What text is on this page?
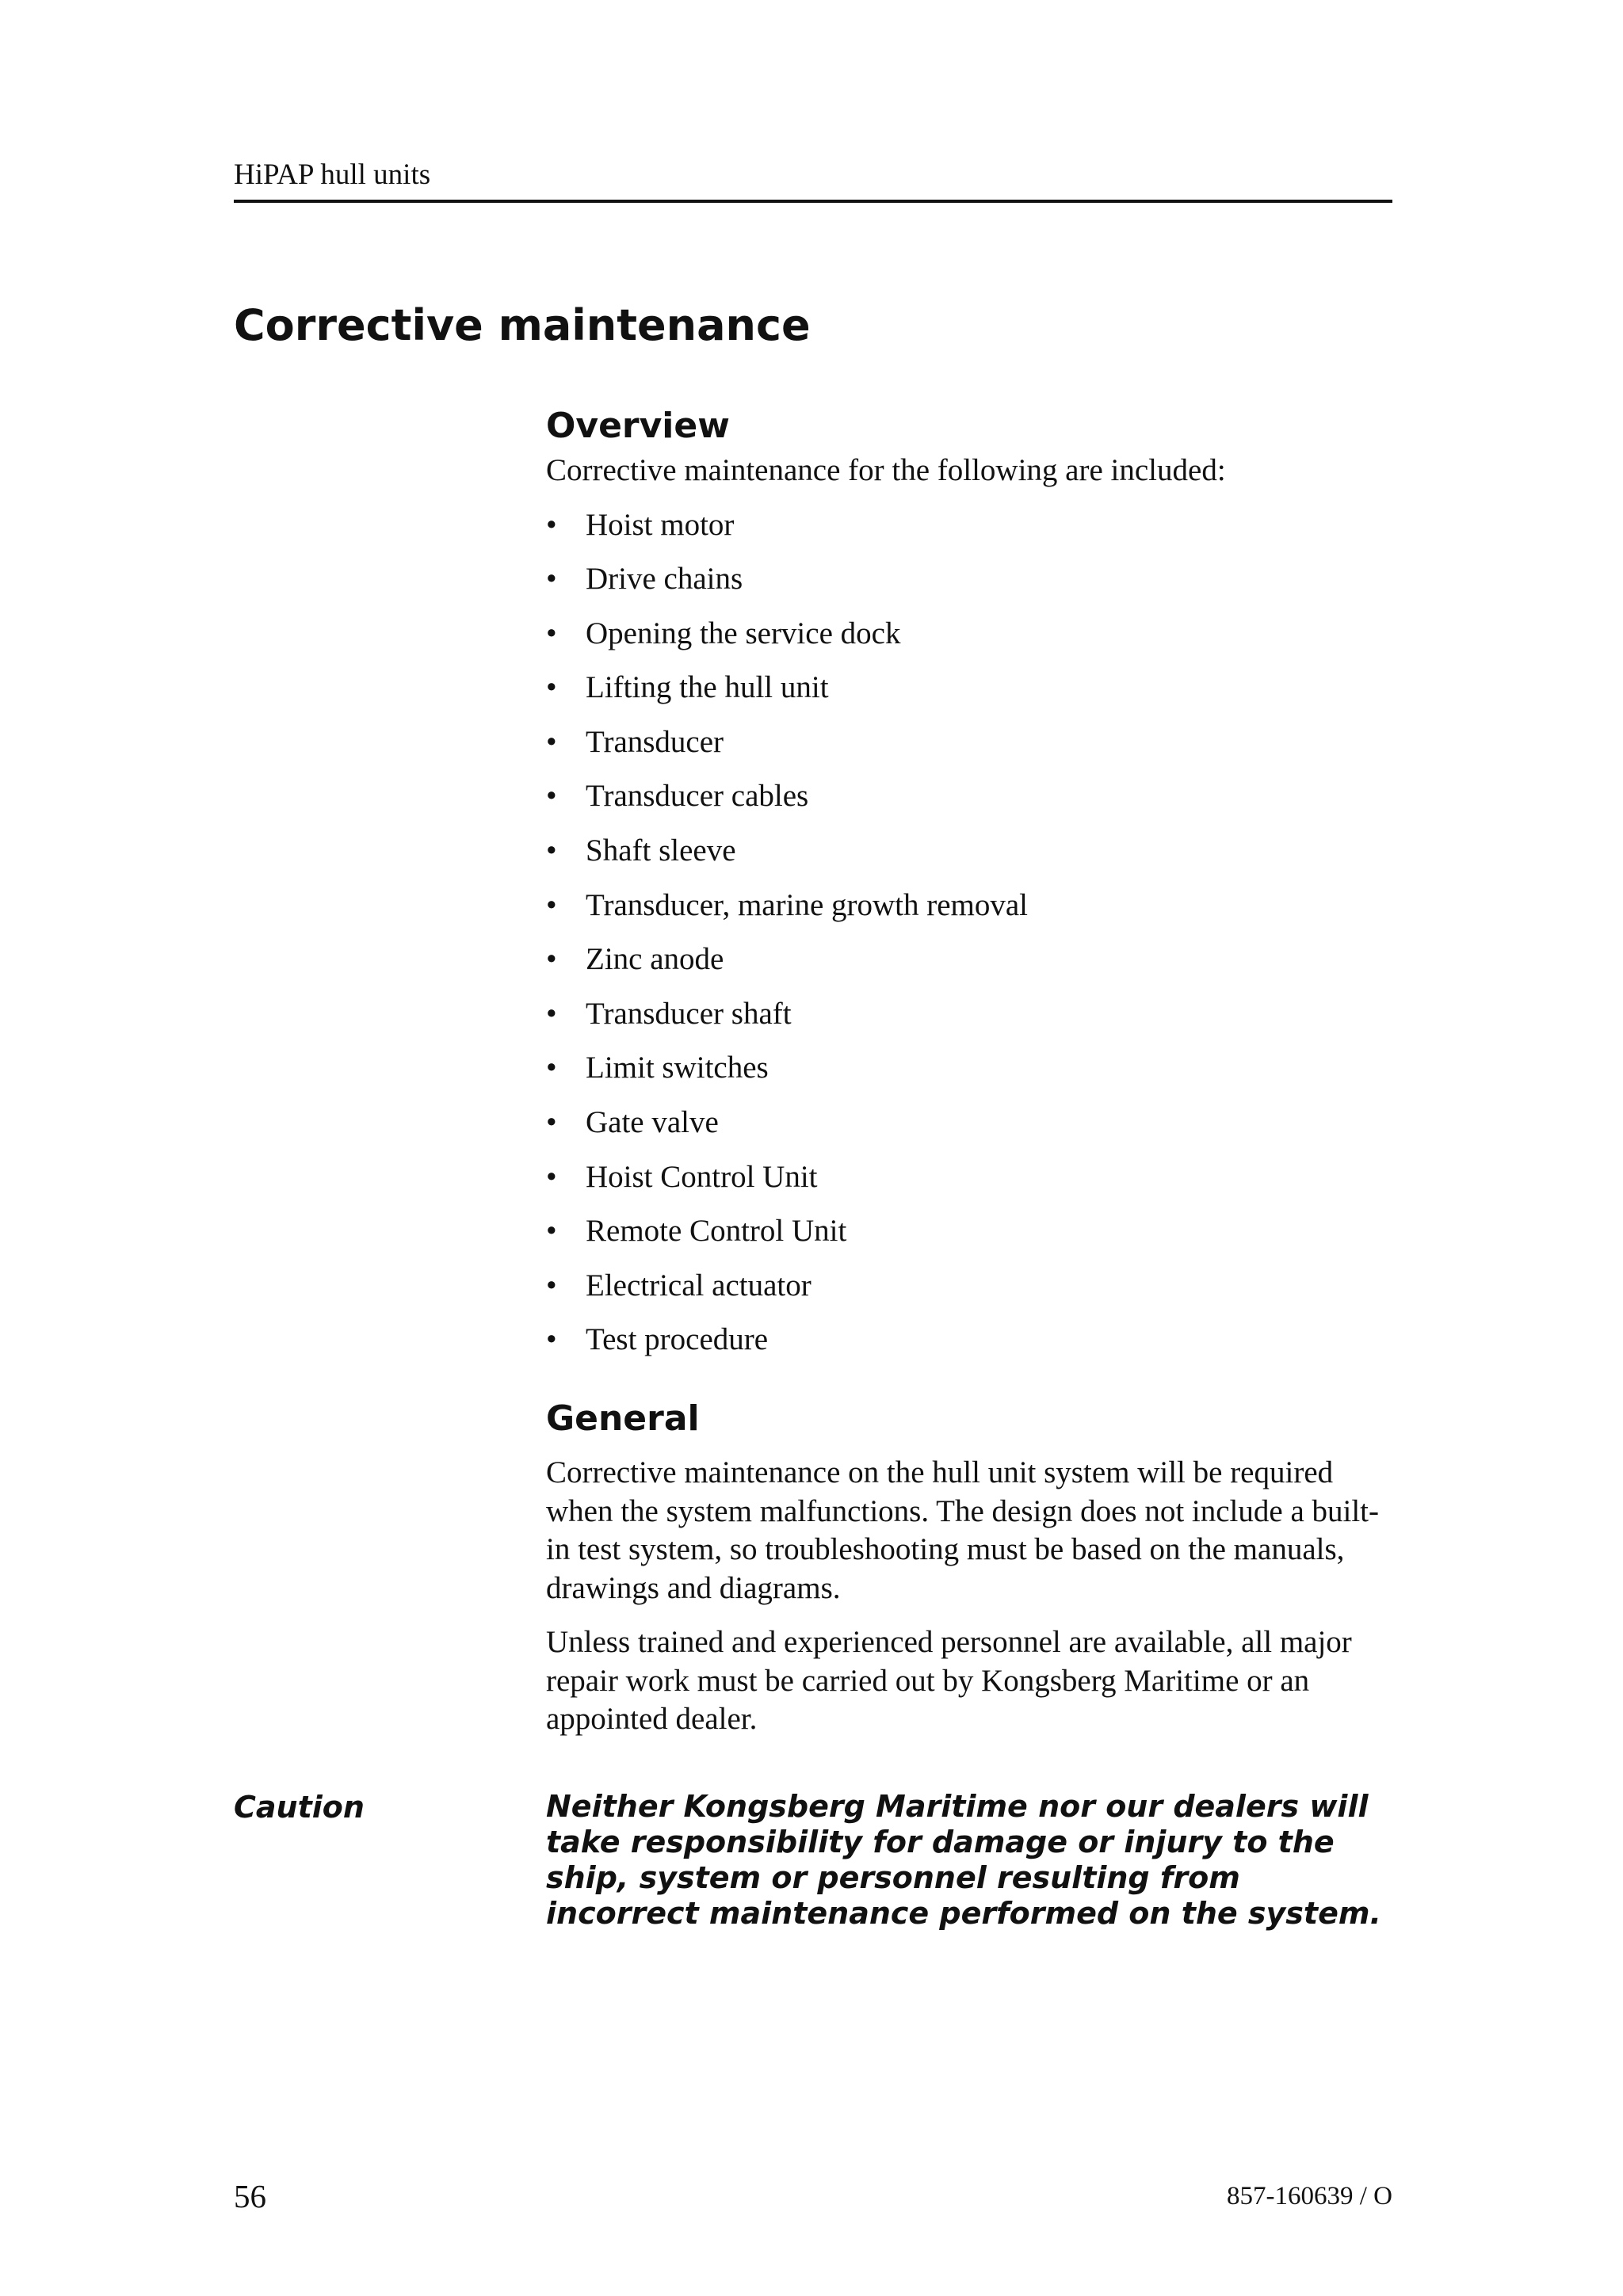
HiPAP hull units
Corrective maintenance
Overview

Corrective maintenance for the following are included:

• Hoist motor
• Drive chains
• Opening the service dock
• Lifting the hull unit
• Transducer
• Transducer cables
• Shaft sleeve
• Transducer, marine growth removal
• Zinc anode
• Transducer shaft
• Limit switches
• Gate valve
• Hoist Control Unit
• Remote Control Unit
• Electrical actuator
• Test procedure
General

Corrective maintenance on the hull unit system will be required when the system malfunctions. The design does not include a built-in test system, so troubleshooting must be based on the manuals, drawings and diagrams.

Unless trained and experienced personnel are available, all major repair work must be carried out by Kongsberg Maritime or an appointed dealer.

Caution	Neither Kongsberg Maritime nor our dealers will take responsibility for damage or injury to the ship, system or personnel resulting from incorrect maintenance performed on the system.

56	857-160639 / O
